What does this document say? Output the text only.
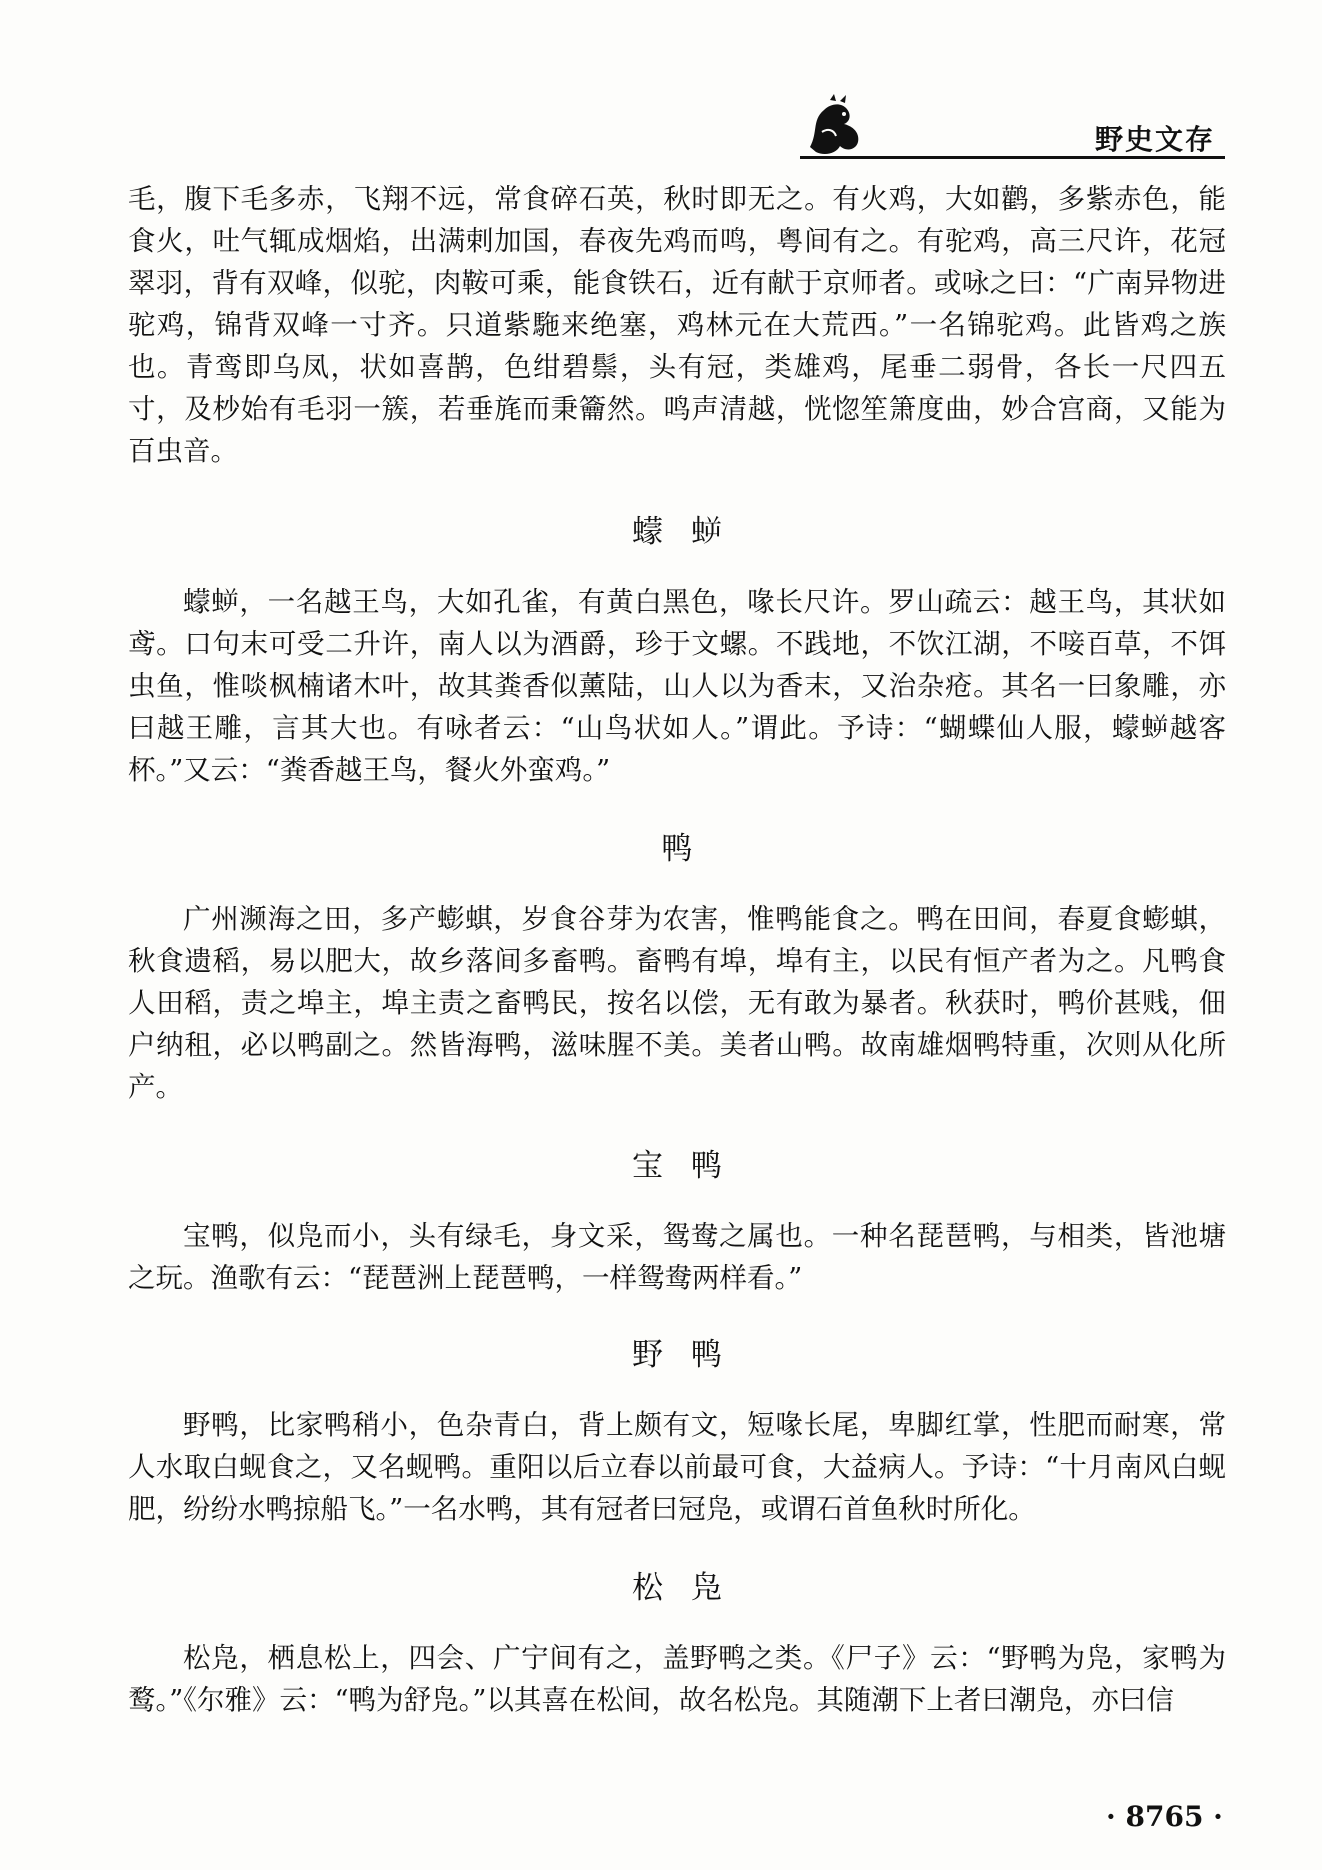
野史文存

毛，腹下毛多赤，飞翔不远，常食碎石英，秋时即无之。有火鸡，大如鹳，多紫赤色，能食火，吐气辄成烟焰，出满剌加国，春夜先鸡而鸣，粤间有之。有驼鸡，高三尺许，花冠翠羽，背有双峰，似驼，肉鞍可乘，能食铁石，近有献于京师者。或咏之曰：“广南异物进驼鸡，锦背双峰一寸齐。只道紫駞来绝塞，鸡林元在大荒西。”一名锦驼鸡。此皆鸡之族也。青鸾即乌凤，状如喜鹊，色绀碧鬃，头有冠，类雄鸡，尾垂二弱骨，各长一尺四五寸，及杪始有毛羽一簇，若垂旄而秉籥然。鸣声清越，恍惚笙箫度曲，妙合宫商，又能为百虫音。

蠓𧊜

蠓𧊜，一名越王鸟，大如孔雀，有黄白黑色，喙长尺许。罗山疏云：越王鸟，其状如鸢。口句末可受二升许，南人以为酒爵，珍于文螺。不践地，不饮江湖，不唼百草，不饵虫鱼，惟啖枫楠诸木叶，故其粪香似薰陆，山人以为香末，又治杂疮。其名一曰象雕，亦曰越王雕，言其大也。有咏者云：“山鸟状如人。”谓此。予诗：“蝴蝶仙人服，蠓𧊜越客杯。”又云：“粪香越王鸟，餐火外蛮鸡。”

鸭

广州濒海之田，多产蟛蜞，岁食谷芽为农害，惟鸭能食之。鸭在田间，春夏食蟛蜞，秋食遗稻，易以肥大，故乡落间多畜鸭。畜鸭有埠，埠有主，以民有恒产者为之。凡鸭食人田稻，责之埠主，埠主责之畜鸭民，按名以偿，无有敢为暴者。秋获时，鸭价甚贱，佃户纳租，必以鸭副之。然皆海鸭，滋味腥不美。美者山鸭。故南雄烟鸭特重，次则从化所产。

宝鸭

宝鸭，似凫而小，头有绿毛，身文采，鸳鸯之属也。一种名琵琶鸭，与相类，皆池塘之玩。渔歌有云：“琵琶洲上琵琶鸭，一样鸳鸯两样看。”

野鸭

野鸭，比家鸭稍小，色杂青白，背上颇有文，短喙长尾，卑脚红掌，性肥而耐寒，常人水取白蚬食之，又名蚬鸭。重阳以后立春以前最可食，大益病人。予诗：“十月南风白蚬肥，纷纷水鸭掠船飞。”一名水鸭，其有冠者曰冠凫，或谓石首鱼秋时所化。

松凫

松凫，栖息松上，四会、广宁间有之，盖野鸭之类。《尸子》云：“野鸭为凫，家鸭为鹜。”《尔雅》云：“鸭为舒凫。”以其喜在松间，故名松凫。其随潮下上者曰潮凫，亦曰信

· 8765 ·
